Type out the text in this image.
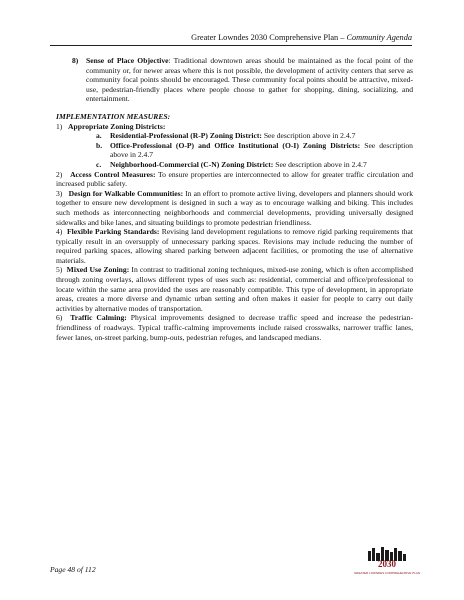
Greater Lowndes 2030 Comprehensive Plan – Community Agenda
8) Sense of Place Objective: Traditional downtown areas should be maintained as the focal point of the community or, for newer areas where this is not possible, the development of activity centers that serve as community focal points should be encouraged. These community focal points should be attractive, mixed-use, pedestrian-friendly places where people choose to gather for shopping, dining, socializing, and entertainment.
IMPLEMENTATION MEASURES:
1) Appropriate Zoning Districts:
a. Residential-Professional (R-P) Zoning District: See description above in 2.4.7
b. Office-Professional (O-P) and Office Institutional (O-I) Zoning Districts: See description above in 2.4.7
c. Neighborhood-Commercial (C-N) Zoning District: See description above in 2.4.7
2) Access Control Measures: To ensure properties are interconnected to allow for greater traffic circulation and increased public safety.
3) Design for Walkable Communities: In an effort to promote active living, developers and planners should work together to ensure new development is designed in such a way as to encourage walking and biking. This includes such methods as interconnecting neighborhoods and commercial developments, providing universally designed sidewalks and bike lanes, and situating buildings to promote pedestrian friendliness.
4) Flexible Parking Standards: Revising land development regulations to remove rigid parking requirements that typically result in an oversupply of unnecessary parking spaces. Revisions may include reducing the number of required parking spaces, allowing shared parking between adjacent facilities, or promoting the use of alternative materials.
5) Mixed Use Zoning: In contrast to traditional zoning techniques, mixed-use zoning, which is often accomplished through zoning overlays, allows different types of uses such as: residential, commercial and office/professional to locate within the same area provided the uses are reasonably compatible. This type of development, in appropriate areas, creates a more diverse and dynamic urban setting and often makes it easier for people to carry out daily activities by alternative modes of transportation.
6) Traffic Calming: Physical improvements designed to decrease traffic speed and increase the pedestrian-friendliness of roadways. Typical traffic-calming improvements include raised crosswalks, narrower traffic lanes, fewer lanes, on-street parking, bump-outs, pedestrian refuges, and landscaped medians.
Page 48 of 112
2030
GREATER LOWNDES COMPREHENSIVE PLAN
